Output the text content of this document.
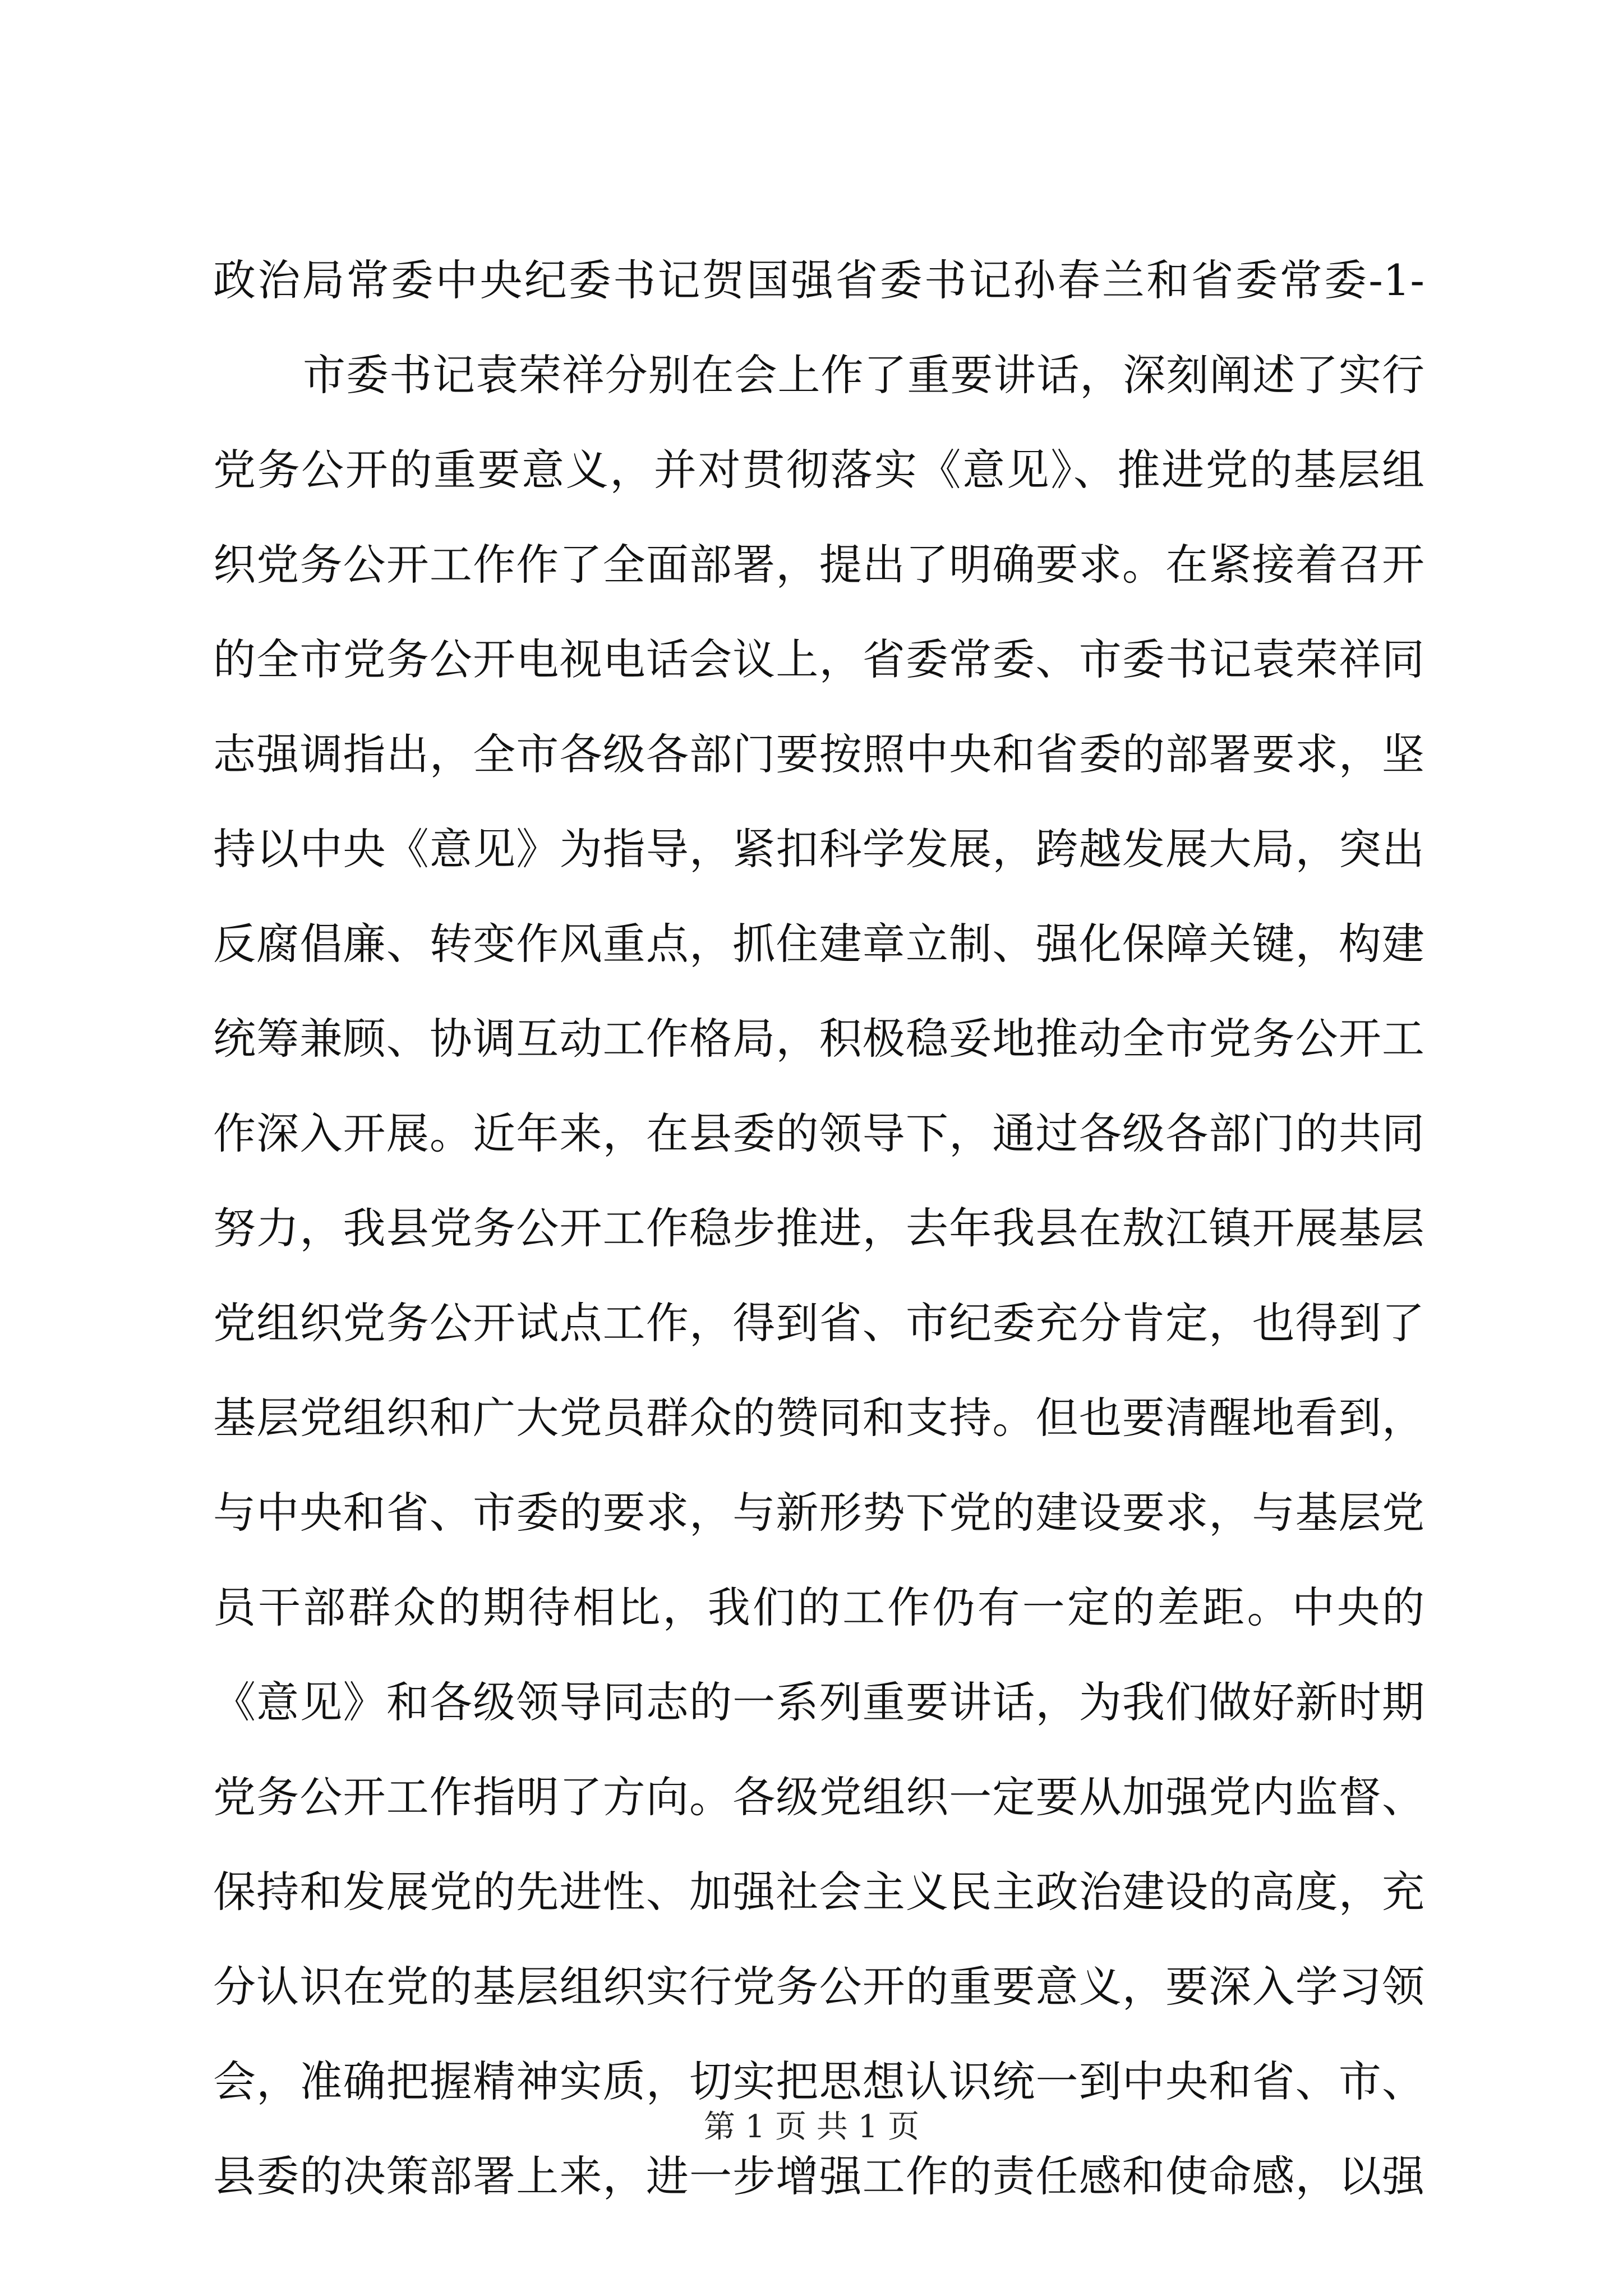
政治局常委中央纪委书记贺国强省委书记孙春兰和省委常委-1-
市委书记袁荣祥分别在会上作了重要讲话，深刻阐述了实行
党务公开的重要意义，并对贯彻落实《意见》、推进党的基层组
织党务公开工作作了全面部署，提出了明确要求。在紧接着召开
的全市党务公开电视电话会议上，省委常委、市委书记袁荣祥同
志强调指出，全市各级各部门要按照中央和省委的部署要求，坚
持以中央《意见》为指导，紧扣科学发展，跨越发展大局，突出
反腐倡廉、转变作风重点，抓住建章立制、强化保障关键，构建
统筹兼顾、协调互动工作格局，积极稳妥地推动全市党务公开工
作深入开展。近年来，在县委的领导下，通过各级各部门的共同
努力，我县党务公开工作稳步推进，去年我县在敖江镇开展基层
党组织党务公开试点工作，得到省、市纪委充分肯定，也得到了
基层党组织和广大党员群众的赞同和支持。但也要清醒地看到，
与中央和省、市委的要求，与新形势下党的建设要求，与基层党
员干部群众的期待相比，我们的工作仍有一定的差距。中央的
《意见》和各级领导同志的一系列重要讲话，为我们做好新时期
党务公开工作指明了方向。各级党组织一定要从加强党内监督、
保持和发展党的先进性、加强社会主义民主政治建设的高度，充
分认识在党的基层组织实行党务公开的重要意义，要深入学习领
会，准确把握精神实质，切实把思想认识统一到中央和省、市、
县委的决策部署上来，进一步增强工作的责任感和使命感，以强
第 1 页 共 1 页
